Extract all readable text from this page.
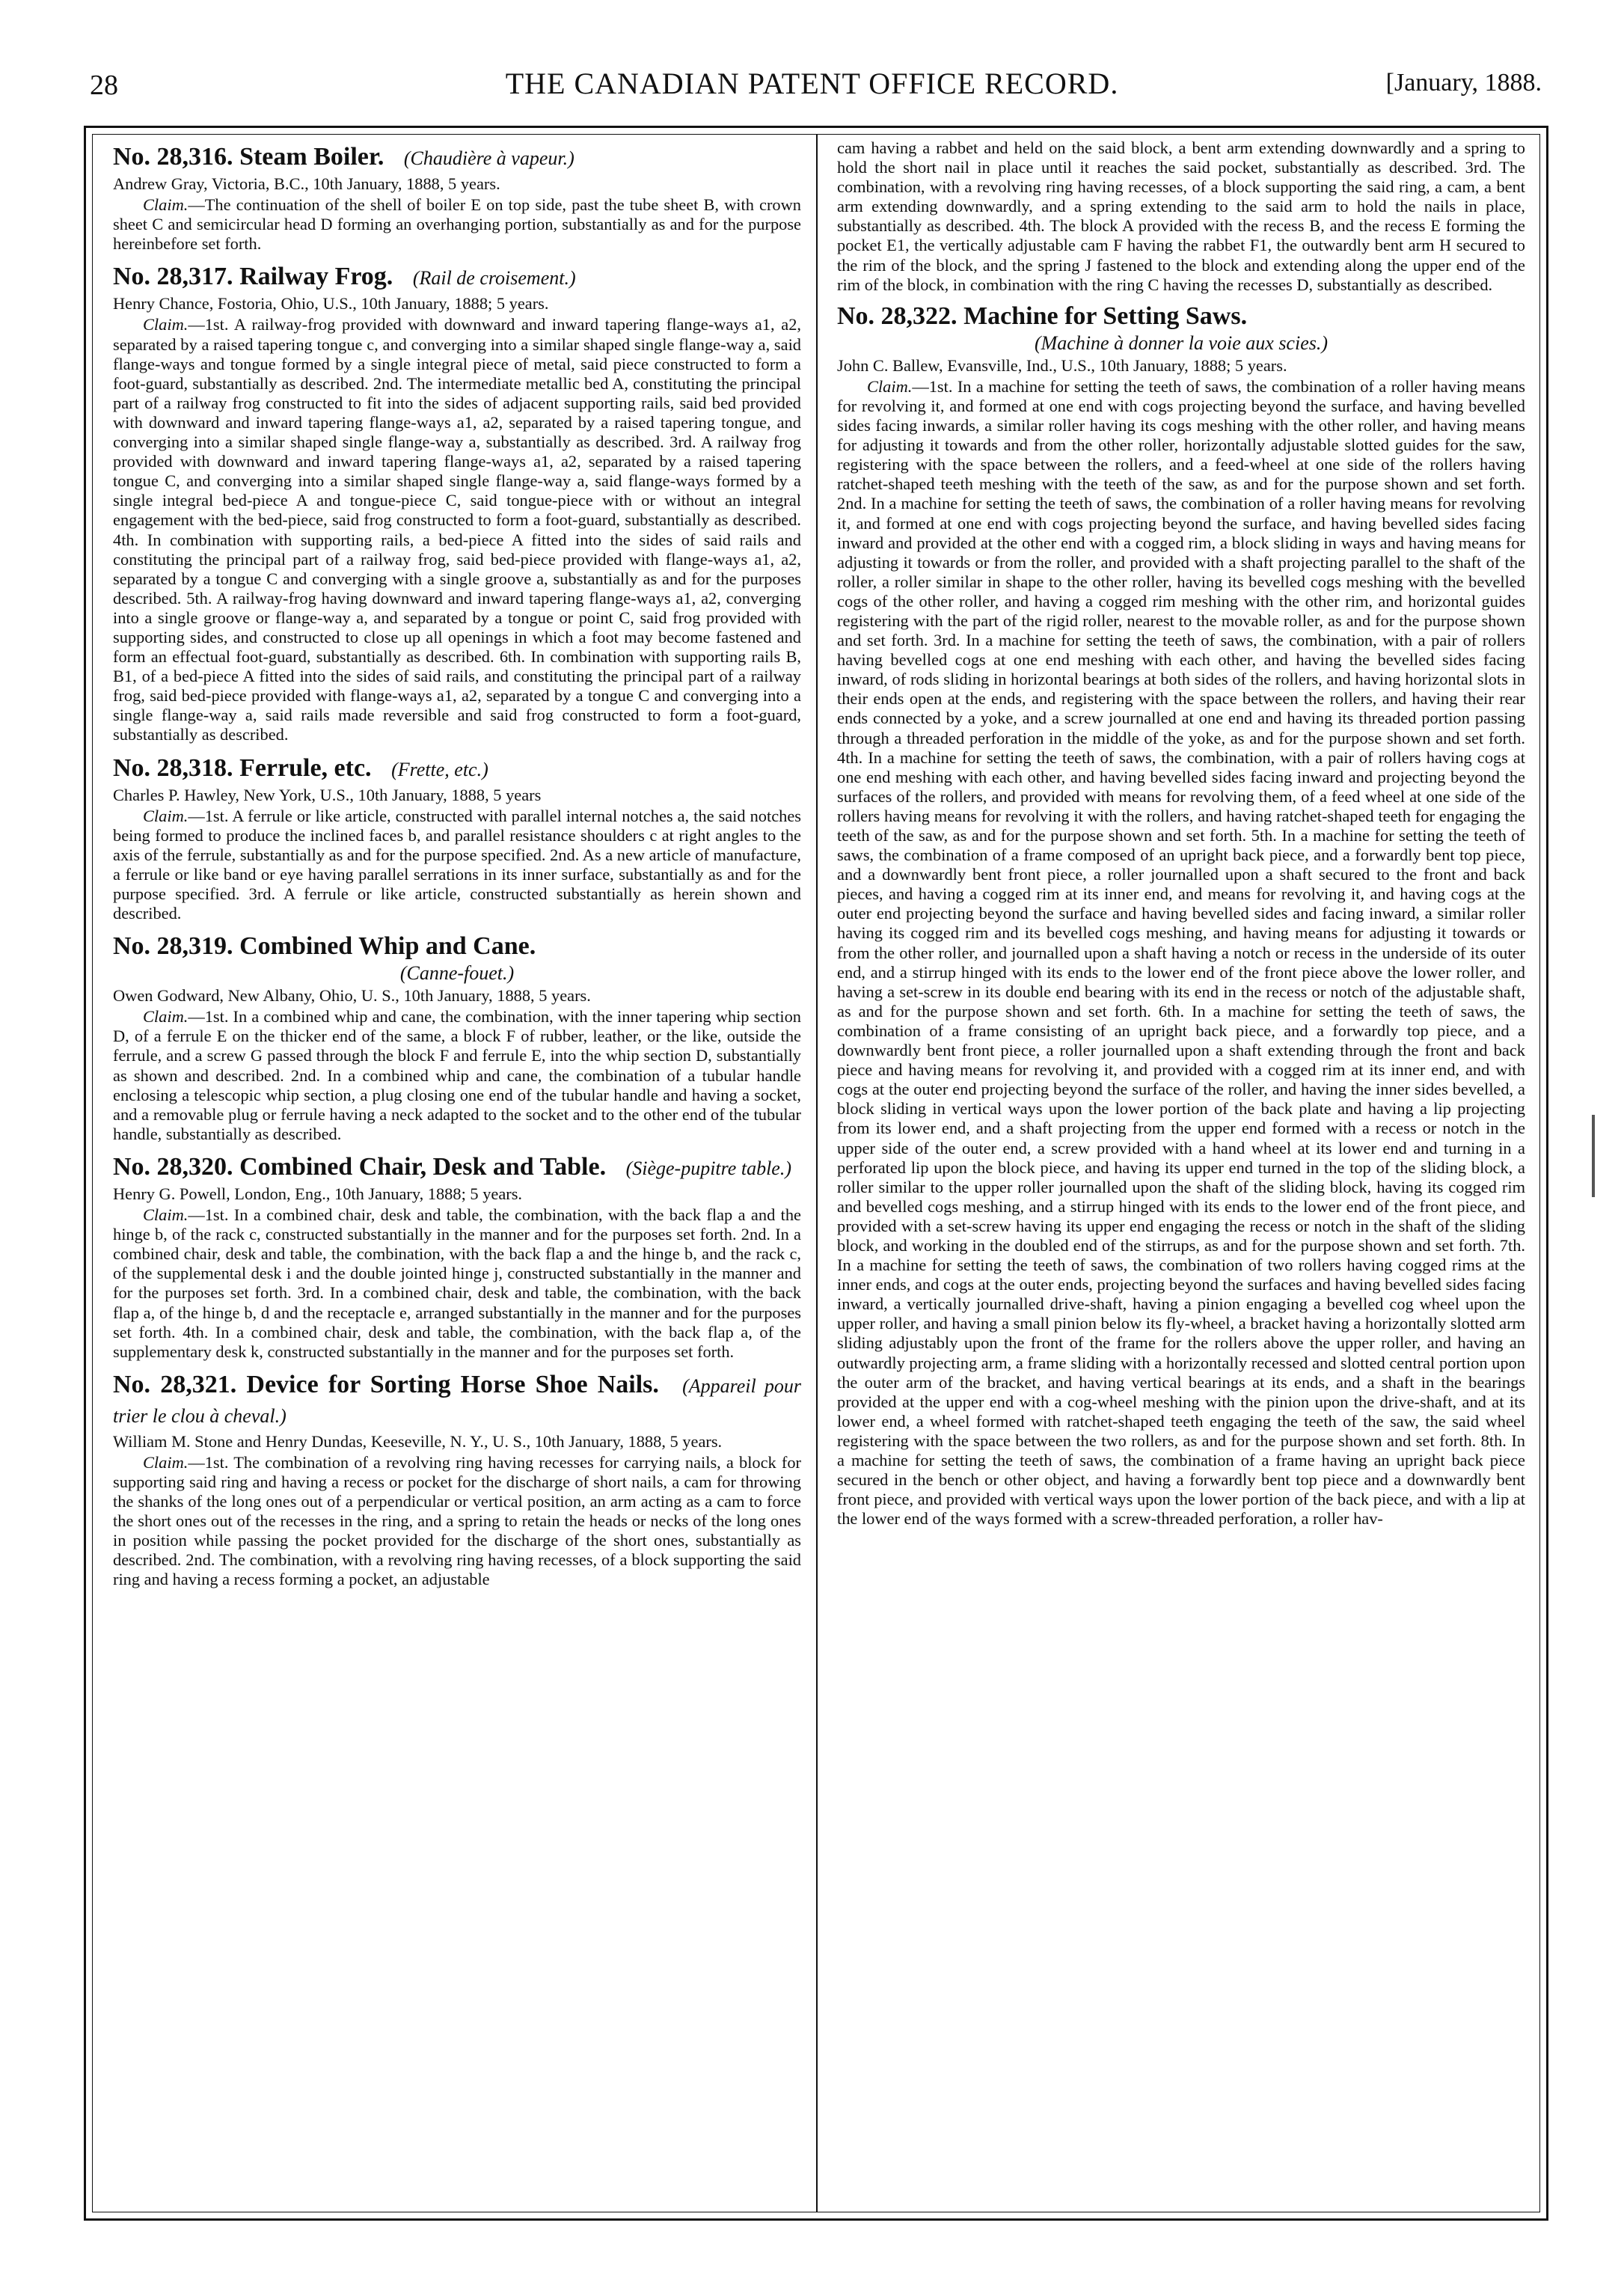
28	THE CANADIAN PATENT OFFICE RECORD.	[January, 1888.
No. 28,316. Steam Boiler. (Chaudière à vapeur.)

Andrew Gray, Victoria, B.C., 10th January, 1888, 5 years.

Claim.—The continuation of the shell of boiler E on top side, past the tube sheet B, with crown sheet C and semicircular head D forming an overhanging portion, substantially as and for the purpose hereinbefore set forth.

No. 28,317. Railway Frog. (Rail de croisement.)

Henry Chance, Fostoria, Ohio, U.S., 10th January, 1888; 5 years.

Claim.—1st. A railway-frog provided with downward and inward tapering flange-ways a1, a2, separated by a raised tapering tongue c, and converging into a similar shaped single flange-way a, said flange-ways and tongue formed by a single integral piece of metal, said piece constructed to form a foot-guard, substantially as described. 2nd. The intermediate metallic bed A, constituting the principal part of a railway frog constructed to fit into the sides of adjacent supporting rails, said bed provided with downward and inward tapering flange-ways a1, a2, separated by a raised tapering tongue, and converging into a similar shaped single flange-way a, substantially as described. 3rd. A railway frog provided with downward and inward tapering flange-ways a1, a2, separated by a raised tapering tongue C, and converging into a similar shaped single flange-way a, said flange-ways formed by a single integral bed-piece A and tongue-piece C, said tongue-piece with or without an integral engagement with the bed-piece, said frog constructed to form a foot-guard, substantially as described. 4th. In combination with supporting rails, a bed-piece A fitted into the sides of said rails and constituting the principal part of a railway frog, said bed-piece provided with flange-ways a1, a2, separated by a tongue C and converging with a single groove a, substantially as and for the purposes described. 5th. A railway-frog having downward and inward tapering flange-ways a1, a2, converging into a single groove or flange-way a, and separated by a tongue or point C, said frog provided with supporting sides, and constructed to close up all openings in which a foot may become fastened and form an effectual foot-guard, substantially as described. 6th. In combination with supporting rails B, B1, of a bed-piece A fitted into the sides of said rails, and constituting the principal part of a railway frog, said bed-piece provided with flange-ways a1, a2, separated by a tongue C and converging into a single flange-way a, said rails made reversible and said frog constructed to form a foot-guard, substantially as described.

No. 28,318. Ferrule, etc. (Frette, etc.)

Charles P. Hawley, New York, U.S., 10th January, 1888, 5 years

Claim.—1st. A ferrule or like article, constructed with parallel internal notches a, the said notches being formed to produce the inclined faces b, and parallel resistance shoulders c at right angles to the axis of the ferrule, substantially as and for the purpose specified. 2nd. As a new article of manufacture, a ferrule or like band or eye having parallel serrations in its inner surface, substantially as and for the purpose specified. 3rd. A ferrule or like article, constructed substantially as herein shown and described.

No. 28,319. Combined Whip and Cane.
(Canne-fouet.)

Owen Godward, New Albany, Ohio, U. S., 10th January, 1888, 5 years.

Claim.—1st. In a combined whip and cane, the combination, with the inner tapering whip section D, of a ferrule E on the thicker end of the same, a block F of rubber, leather, or the like, outside the ferrule, and a screw G passed through the block F and ferrule E, into the whip section D, substantially as shown and described. 2nd. In a combined whip and cane, the combination of a tubular handle enclosing a telescopic whip section, a plug closing one end of the tubular handle and having a socket, and a removable plug or ferrule having a neck adapted to the socket and to the other end of the tubular handle, substantially as described.

No. 28,320. Combined Chair, Desk and Table. (Siège-pupitre table.)

Henry G. Powell, London, Eng., 10th January, 1888; 5 years.

Claim.—1st. In a combined chair, desk and table, the combination, with the back flap a and the hinge b, of the rack c, constructed substantially in the manner and for the purposes set forth. 2nd. In a combined chair, desk and table, the combination, with the back flap a and the hinge b, and the rack c, of the supplemental desk i and the double jointed hinge j, constructed substantially in the manner and for the purposes set forth. 3rd. In a combined chair, desk and table, the combination, with the back flap a, of the hinge b, d and the receptacle e, arranged substantially in the manner and for the purposes set forth. 4th. In a combined chair, desk and table, the combination, with the back flap a, of the supplementary desk k, constructed substantially in the manner and for the purposes set forth.

No. 28,321. Device for Sorting Horse Shoe Nails. (Appareil pour trier le clou à cheval.)

William M. Stone and Henry Dundas, Keeseville, N. Y., U. S., 10th January, 1888, 5 years.

Claim.—1st. The combination of a revolving ring having recesses for carrying nails, a block for supporting said ring and having a recess or pocket for the discharge of short nails, a cam for throwing the shanks of the long ones out of a perpendicular or vertical position, an arm acting as a cam to force the short ones out of the recesses in the ring, and a spring to retain the heads or necks of the long ones in position while passing the pocket provided for the discharge of the short ones, substantially as described. 2nd. The combination, with a revolving ring having recesses, of a block supporting the said ring and having a recess forming a pocket, an adjustable

cam having a rabbet and held on the said block, a bent arm extending downwardly and a spring to hold the short nail in place until it reaches the said pocket, substantially as described. 3rd. The combination, with a revolving ring having recesses, of a block supporting the said ring, a cam, a bent arm extending downwardly, and a spring extending to the said arm to hold the nails in place, substantially as described. 4th. The block A provided with the recess B, and the recess E forming the pocket E1, the vertically adjustable cam F having the rabbet F1, the outwardly bent arm H secured to the rim of the block, and the spring J fastened to the block and extending along the upper end of the rim of the block, in combination with the ring C having the recesses D, substantially as described.

No. 28,322. Machine for Setting Saws.
(Machine à donner la voie aux scies.)

John C. Ballew, Evansville, Ind., U.S., 10th January, 1888; 5 years.

Claim.—1st. In a machine for setting the teeth of saws, the combination of a roller having means for revolving it, and formed at one end with cogs projecting beyond the surface, and having bevelled sides facing inwards, a similar roller having its cogs meshing with the other roller, and having means for adjusting it towards and from the other roller, horizontally adjustable slotted guides for the saw, registering with the space between the rollers, and a feed-wheel at one side of the rollers having ratchet-shaped teeth meshing with the teeth of the saw, as and for the purpose shown and set forth. 2nd. In a machine for setting the teeth of saws, the combination of a roller having means for revolving it, and formed at one end with cogs projecting beyond the surface, and having bevelled sides facing inward and provided at the other end with a cogged rim, a block sliding in ways and having means for adjusting it towards or from the roller, and provided with a shaft projecting parallel to the shaft of the roller, a roller similar in shape to the other roller, having its bevelled cogs meshing with the bevelled cogs of the other roller, and having a cogged rim meshing with the other rim, and horizontal guides registering with the part of the rigid roller, nearest to the movable roller, as and for the purpose shown and set forth. 3rd. In a machine for setting the teeth of saws, the combination, with a pair of rollers having bevelled cogs at one end meshing with each other, and having the bevelled sides facing inward, of rods sliding in horizontal bearings at both sides of the rollers, and having horizontal slots in their ends open at the ends, and registering with the space between the rollers, and having their rear ends connected by a yoke, and a screw journalled at one end and having its threaded portion passing through a threaded perforation in the middle of the yoke, as and for the purpose shown and set forth. 4th. In a machine for setting the teeth of saws, the combination, with a pair of rollers having cogs at one end meshing with each other, and having bevelled sides facing inward and projecting beyond the surfaces of the rollers, and provided with means for revolving them, of a feed wheel at one side of the rollers having means for revolving it with the rollers, and having ratchet-shaped teeth for engaging the teeth of the saw, as and for the purpose shown and set forth. 5th. In a machine for setting the teeth of saws, the combination of a frame composed of an upright back piece, and a forwardly bent top piece, and a downwardly bent front piece, a roller journalled upon a shaft secured to the front and back pieces, and having a cogged rim at its inner end, and means for revolving it, and having cogs at the outer end projecting beyond the surface and having bevelled sides and facing inward, a similar roller having its cogged rim and its bevelled cogs meshing, and having means for adjusting it towards or from the other roller, and journalled upon a shaft having a notch or recess in the underside of its outer end, and a stirrup hinged with its ends to the lower end of the front piece above the lower roller, and having a set-screw in its double end bearing with its end in the recess or notch of the adjustable shaft, as and for the purpose shown and set forth. 6th. In a machine for setting the teeth of saws, the combination of a frame consisting of an upright back piece, and a forwardly top piece, and a downwardly bent front piece, a roller journalled upon a shaft extending through the front and back piece and having means for revolving it, and provided with a cogged rim at its inner end, and with cogs at the outer end projecting beyond the surface of the roller, and having the inner sides bevelled, a block sliding in vertical ways upon the lower portion of the back plate and having a lip projecting from its lower end, and a shaft projecting from the upper end formed with a recess or notch in the upper side of the outer end, a screw provided with a hand wheel at its lower end and turning in a perforated lip upon the block piece, and having its upper end turned in the top of the sliding block, a roller similar to the upper roller journalled upon the shaft of the sliding block, having its cogged rim and bevelled cogs meshing, and a stirrup hinged with its ends to the lower end of the front piece, and provided with a set-screw having its upper end engaging the recess or notch in the shaft of the sliding block, and working in the doubled end of the stirrups, as and for the purpose shown and set forth. 7th. In a machine for setting the teeth of saws, the combination of two rollers having cogged rims at the inner ends, and cogs at the outer ends, projecting beyond the surfaces and having bevelled sides facing inward, a vertically journalled drive-shaft, having a pinion engaging a bevelled cog wheel upon the upper roller, and having a small pinion below its fly-wheel, a bracket having a horizontally slotted arm sliding adjustably upon the front of the frame for the rollers above the upper roller, and having an outwardly projecting arm, a frame sliding with a horizontally recessed and slotted central portion upon the outer arm of the bracket, and having vertical bearings at its ends, and a shaft in the bearings provided at the upper end with a cog-wheel meshing with the pinion upon the drive-shaft, and at its lower end, a wheel formed with ratchet-shaped teeth engaging the teeth of the saw, the said wheel registering with the space between the two rollers, as and for the purpose shown and set forth. 8th. In a machine for setting the teeth of saws, the combination of a frame having an upright back piece secured in the bench or other object, and having a forwardly bent top piece and a downwardly bent front piece, and provided with vertical ways upon the lower portion of the back piece, and with a lip at the lower end of the ways formed with a screw-threaded perforation, a roller hav-
